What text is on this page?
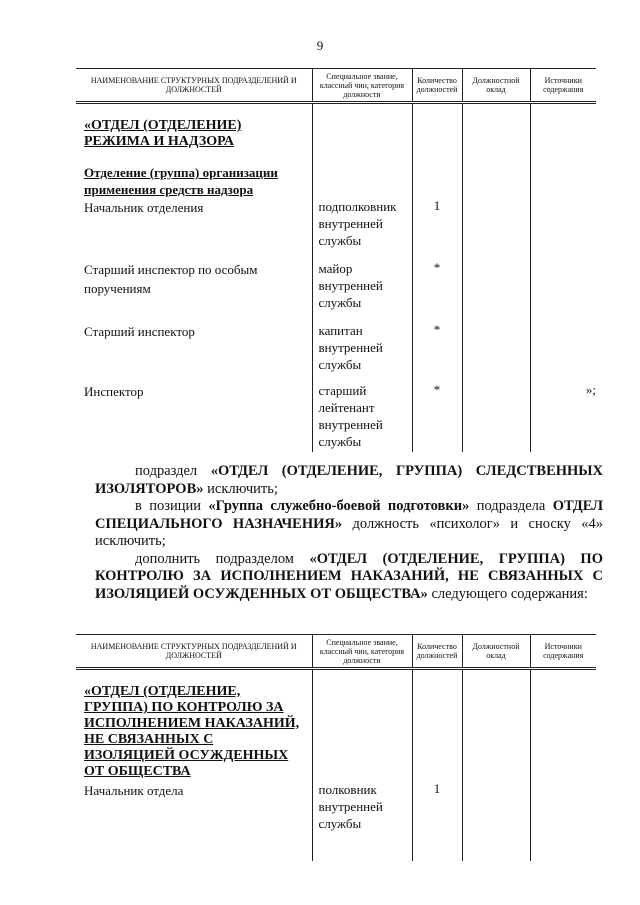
9
НАИМЕНОВАНИЕ СТРУКТУРНЫХ ПОДРАЗДЕЛЕНИЙ И ДОЛЖНОСТЕЙ	Специальное звание, классный чин, категория должности	Количество должностей	Должностной оклад	Источники содержания

«ОТДЕЛ (ОТДЕЛЕНИЕ) РЕЖИМА И НАДЗОРА
Отделение (группа) организации применения средств надзора				

Начальник отделения	подполковник внутренней службы	1		

Старший инспектор по особым поручениям	майор внутренней службы	*		

Старший инспектор	капитан внутренней службы	*		

Инспектор	старший лейтенант внутренней службы	*		»;

подраздел «ОТДЕЛ (ОТДЕЛЕНИЕ, ГРУППА) СЛЕДСТВЕННЫХ ИЗОЛЯТОРОВ» исключить;

в позиции «Группа служебно-боевой подготовки» подраздела ОТДЕЛ СПЕЦИАЛЬНОГО НАЗНАЧЕНИЯ» должность «психолог» и сноску «4» исключить;

дополнить подразделом «ОТДЕЛ (ОТДЕЛЕНИЕ, ГРУППА) ПО КОНТРОЛЮ ЗА ИСПОЛНЕНИЕМ НАКАЗАНИЙ, НЕ СВЯЗАННЫХ С ИЗОЛЯЦИЕЙ ОСУЖДЕННЫХ ОТ ОБЩЕСТВА» следующего содержания:

НАИМЕНОВАНИЕ СТРУКТУРНЫХ ПОДРАЗДЕЛЕНИЙ И ДОЛЖНОСТЕЙ	Специальное звание, классный чин, категория должности	Количество должностей	Должностной оклад	Источники содержания

«ОТДЕЛ (ОТДЕЛЕНИЕ, ГРУППА) ПО КОНТРОЛЮ ЗА ИСПОЛНЕНИЕМ НАКАЗАНИЙ, НЕ СВЯЗАННЫХ С ИЗОЛЯЦИЕЙ ОСУЖДЕННЫХ ОТ ОБЩЕСТВА				

Начальник отдела	полковник внутренней службы	1		
